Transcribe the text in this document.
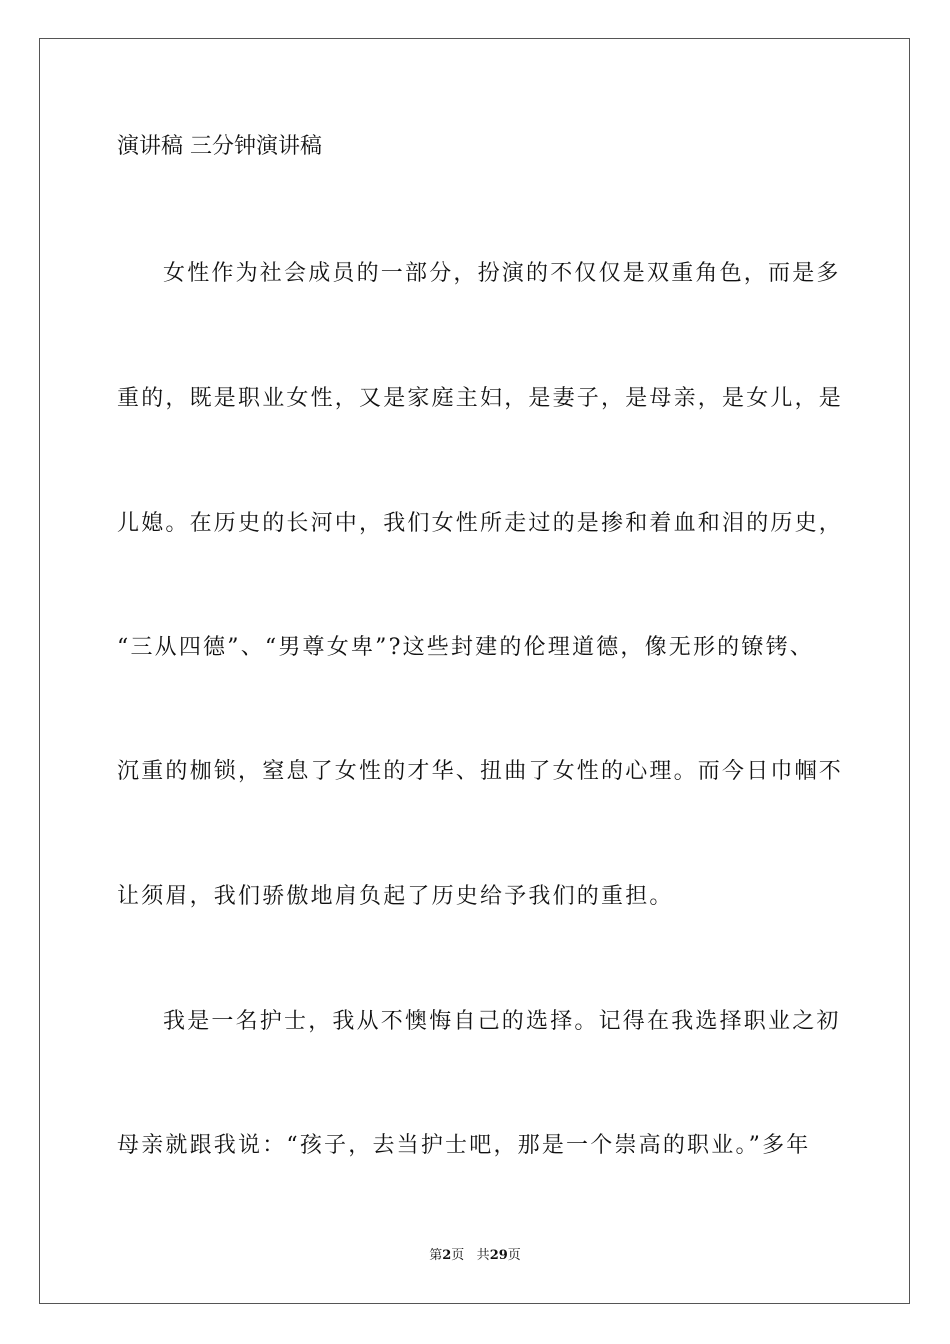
演讲稿 三分钟演讲稿
女性作为社会成员的一部分，扮演的不仅仅是双重角色，而是多
重的，既是职业女性，又是家庭主妇，是妻子，是母亲，是女儿，是
儿媳。在历史的长河中，我们女性所走过的是掺和着血和泪的历史，
“三从四德”、“男尊女卑”?这些封建的伦理道德，像无形的镣铐、
沉重的枷锁，窒息了女性的才华、扭曲了女性的心理。而今日巾帼不
让须眉，我们骄傲地肩负起了历史给予我们的重担。
我是一名护士，我从不懊悔自己的选择。记得在我选择职业之初
母亲就跟我说：“孩子，去当护士吧，那是一个崇高的职业。”多年
第2页 共29页
